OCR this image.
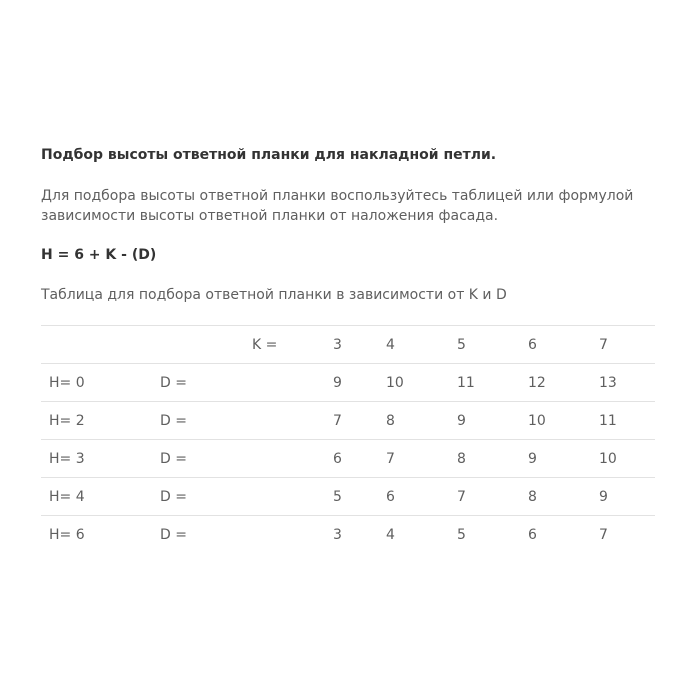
Подбор высоты ответной планки для накладной петли.
Для подбора высоты ответной планки воспользуйтесь таблицей или формулой зависимости высоты ответной планки от наложения фасада.
H = 6 + K - (D)
Таблица для подбора ответной планки в зависимости от K и D
		K =	3	4	5	6	7
H= 0	D =		9	10	11	12	13
H= 2	D =		7	8	9	10	11
H= 3	D =		6	7	8	9	10
H= 4	D =		5	6	7	8	9
H= 6	D =		3	4	5	6	7
